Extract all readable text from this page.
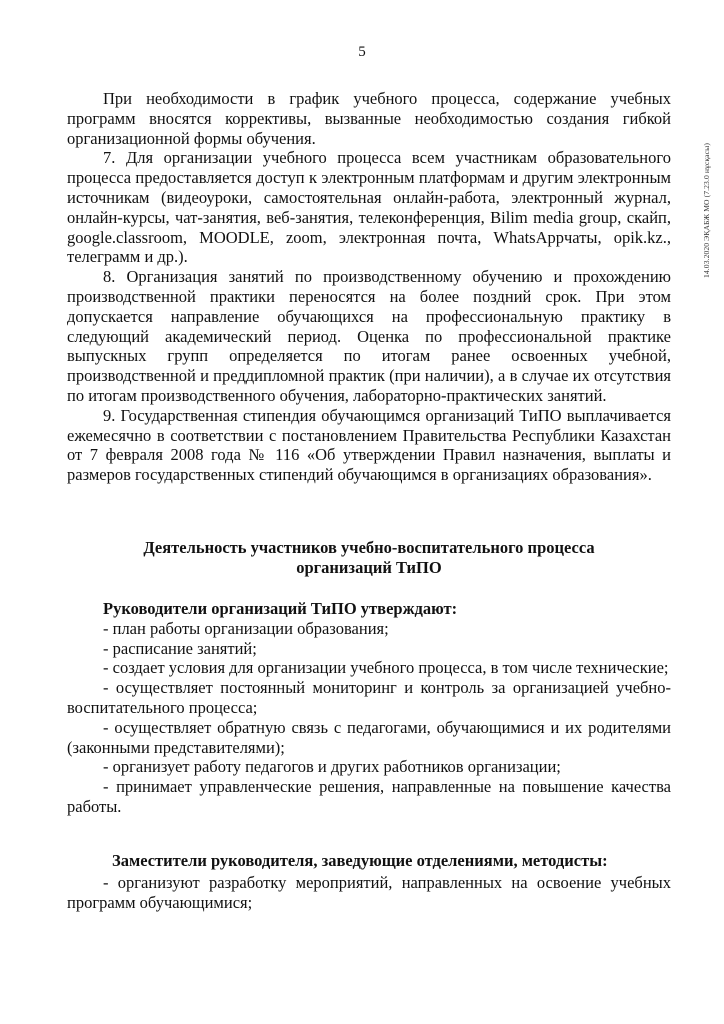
5
14.03.2020 ЭҚАБЖ МО (7.23.0 нұсқасы)
При необходимости в график учебного процесса, содержание учебных программ вносятся коррективы, вызванные необходимостью создания гибкой организационной формы обучения.
7. Для организации учебного процесса всем участникам образовательного процесса предоставляется доступ к электронным платформам и другим электронным источникам (видеоуроки, самостоятельная онлайн-работа, электронный журнал, онлайн-курсы, чат-занятия, веб-занятия, телеконференция, Bilim media group, скайп, google.classroom, MOODLE, zoom, электронная почта, WhatsAppчаты, opik.kz., телеграмм и др.).
8. Организация занятий по производственному обучению и прохождению производственной практики переносятся на более поздний срок. При этом допускается направление обучающихся на профессиональную практику в следующий академический период. Оценка по профессиональной практике выпускных групп определяется по итогам ранее освоенных учебной, производственной и преддипломной практик (при наличии), а в случае их отсутствия по итогам производственного обучения, лабораторно-практических занятий.
9. Государственная стипендия обучающимся организаций ТиПО выплачивается ежемесячно в соответствии с постановлением Правительства Республики Казахстан от 7 февраля 2008 года № 116 «Об утверждении Правил назначения, выплаты и размеров государственных стипендий обучающимся в организациях образования».
Деятельность участников учебно-воспитательного процесса
организаций ТиПО
Руководители организаций ТиПО утверждают:
- план работы организации образования;
- расписание занятий;
- создает условия для организации учебного процесса, в том числе технические;
- осуществляет постоянный мониторинг и контроль за организацией учебно-воспитательного процесса;
- осуществляет обратную связь с педагогами, обучающимися и их родителями (законными представителями);
- организует работу педагогов и других работников организации;
- принимает управленческие решения, направленные на повышение качества работы.
Заместители руководителя, заведующие отделениями, методисты:
- организуют разработку мероприятий, направленных на освоение учебных программ обучающимися;
